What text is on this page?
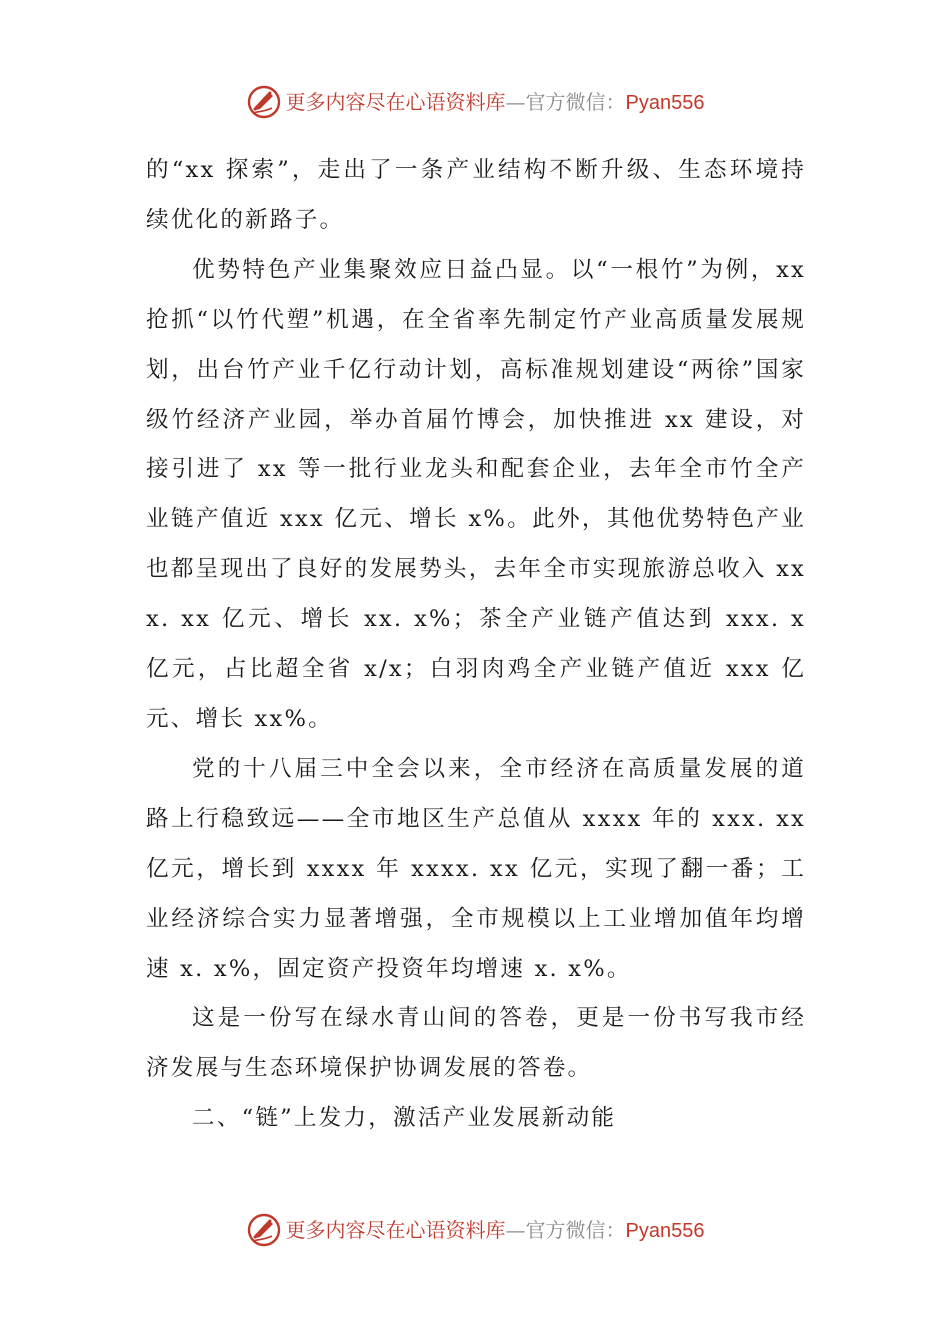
更多内容尽在心语资料库—官方微信：Pyan556

的“xx 探索”，走出了一条产业结构不断升级、生态环境持续优化的新路子。

优势特色产业集聚效应日益凸显。以“一根竹”为例，xx 抢抓“以竹代塑”机遇，在全省率先制定竹产业高质量发展规划，出台竹产业千亿行动计划，高标准规划建设“两徐”国家级竹经济产业园，举办首届竹博会，加快推进 xx 建设，对接引进了 xx 等一批行业龙头和配套企业，去年全市竹全产业链产值近 xxx 亿元、增长 x%。此外，其他优势特色产业也都呈现出了良好的发展势头，去年全市实现旅游总收入 xxx. xx 亿元、增长 xx. x%；茶全产业链产值达到 xxx. x 亿元，占比超全省 x/x；白羽肉鸡全产业链产值近 xxx 亿元、增长 xx%。

党的十八届三中全会以来，全市经济在高质量发展的道路上行稳致远——全市地区生产总值从 xxxx 年的 xxx. xx 亿元，增长到 xxxx 年 xxxx. xx 亿元，实现了翻一番；工业经济综合实力显著增强，全市规模以上工业增加值年均增速 x. x%，固定资产投资年均增速 x. x%。

这是一份写在绿水青山间的答卷，更是一份书写我市经济发展与生态环境保护协调发展的答卷。

二、“链”上发力，激活产业发展新动能

更多内容尽在心语资料库—官方微信：Pyan556
